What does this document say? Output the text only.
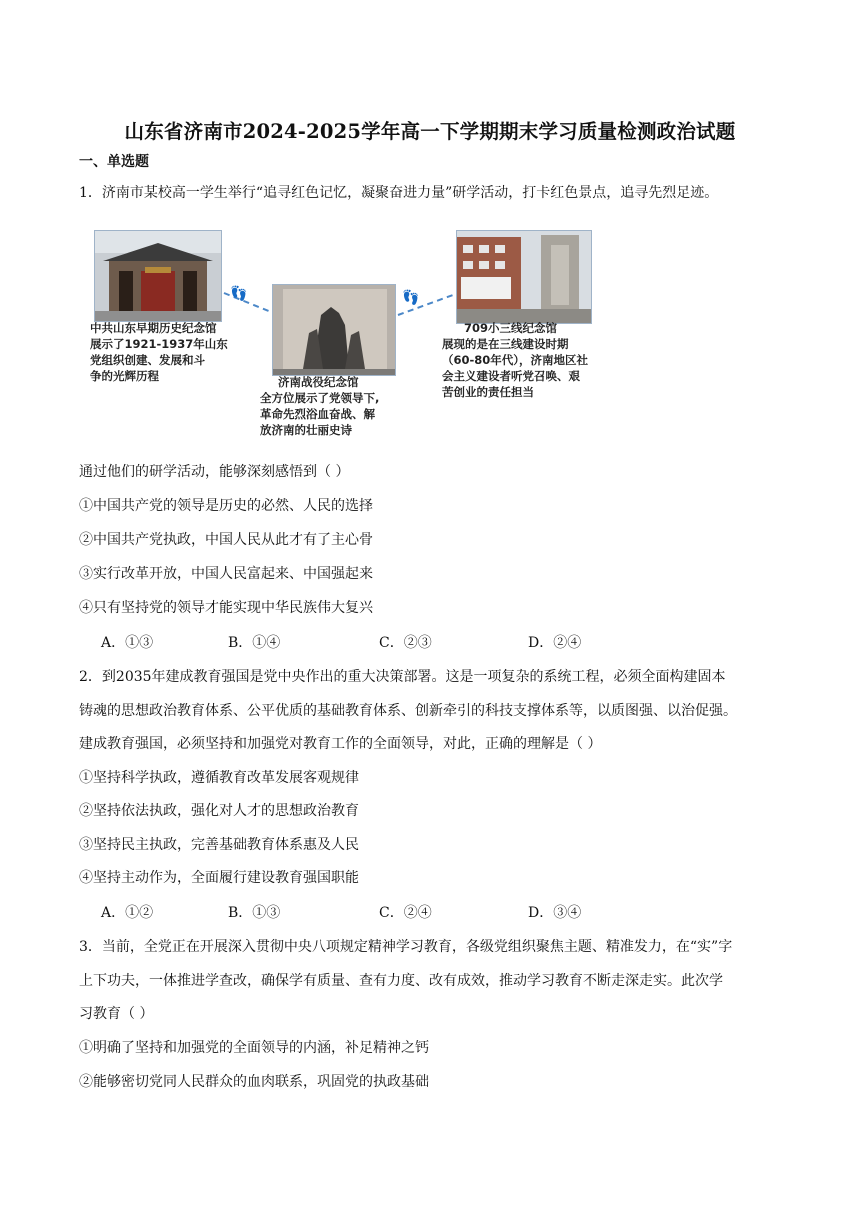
山东省济南市2024-2025学年高一下学期期末学习质量检测政治试题
一、单选题
1．济南市某校高一学生举行“追寻红色记忆，凝聚奋进力量”研学活动，打卡红色景点，追寻先烈足迹。
中共山东早期历史纪念馆
展示了1921-1937年山东
党组织创建、发展和斗
争的光辉历程
👣
济南战役纪念馆
全方位展示了党领导下,
革命先烈浴血奋战、解
放济南的壮丽史诗
👣
709小三线纪念馆
展现的是在三线建设时期
（60-80年代），济南地区社
会主义建设者听党召唤、艰
苦创业的责任担当
通过他们的研学活动，能够深刻感悟到（ ）
①中国共产党的领导是历史的必然、人民的选择
②中国共产党执政，中国人民从此才有了主心骨
③实行改革开放，中国人民富起来、中国强起来
④只有坚持党的领导才能实现中华民族伟大复兴
A．①③	B．①④	C．②③	D．②④
2．到2035年建成教育强国是党中央作出的重大决策部署。这是一项复杂的系统工程，必须全面构建固本
铸魂的思想政治教育体系、公平优质的基础教育体系、创新牵引的科技支撑体系等，以质图强、以治促强。
建成教育强国，必须坚持和加强党对教育工作的全面领导，对此，正确的理解是（ ）
①坚持科学执政，遵循教育改革发展客观规律
②坚持依法执政，强化对人才的思想政治教育
③坚持民主执政，完善基础教育体系惠及人民
④坚持主动作为，全面履行建设教育强国职能
A．①②	B．①③	C．②④	D．③④
3．当前，全党正在开展深入贯彻中央八项规定精神学习教育，各级党组织聚焦主题、精准发力，在“实”字
上下功夫，一体推进学查改，确保学有质量、查有力度、改有成效，推动学习教育不断走深走实。此次学
习教育（ ）
①明确了坚持和加强党的全面领导的内涵，补足精神之钙
②能够密切党同人民群众的血肉联系，巩固党的执政基础
